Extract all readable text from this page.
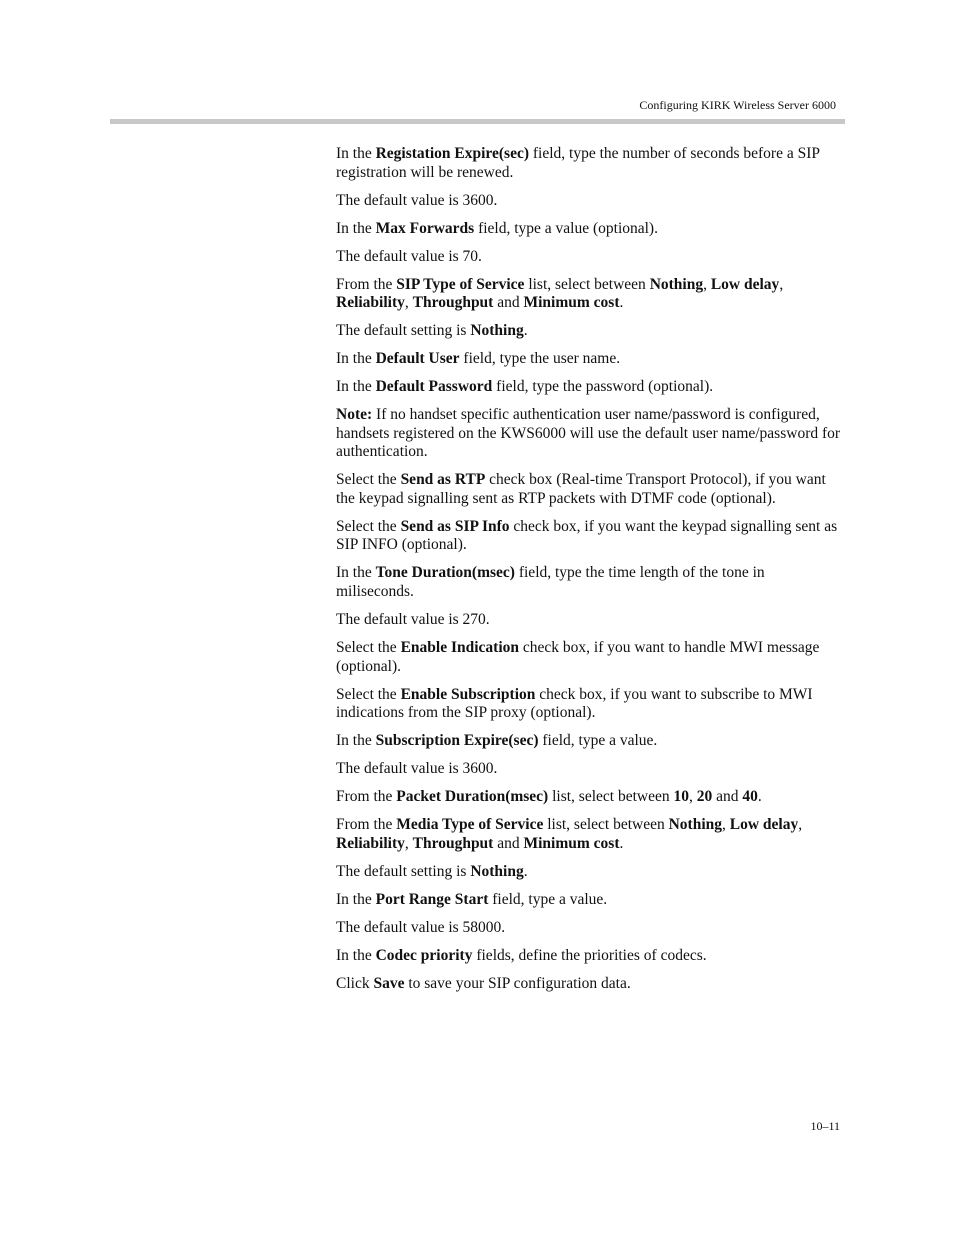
Configuring KIRK Wireless Server 6000

In the Registation Expire(sec) field, type the number of seconds before a SIP registration will be renewed.

The default value is 3600.

In the Max Forwards field, type a value (optional).

The default value is 70.

From the SIP Type of Service list, select between Nothing, Low delay, Reliability, Throughput and Minimum cost.

The default setting is Nothing.

In the Default User field, type the user name.

In the Default Password field, type the password (optional).

Note: If no handset specific authentication user name/password is configured, handsets registered on the KWS6000 will use the default user name/password for authentication.

Select the Send as RTP check box (Real-time Transport Protocol), if you want the keypad signalling sent as RTP packets with DTMF code (optional).

Select the Send as SIP Info check box, if you want the keypad signalling sent as SIP INFO (optional).

In the Tone Duration(msec) field, type the time length of the tone in miliseconds.

The default value is 270.

Select the Enable Indication check box, if you want to handle MWI message (optional).

Select the Enable Subscription check box, if you want to subscribe to MWI indications from the SIP proxy (optional).

In the Subscription Expire(sec) field, type a value.

The default value is 3600.

From the Packet Duration(msec) list, select between 10, 20 and 40.

From the Media Type of Service list, select between Nothing, Low delay, Reliability, Throughput and Minimum cost.

The default setting is Nothing.

In the Port Range Start field, type a value.

The default value is 58000.

In the Codec priority fields, define the priorities of codecs.

Click Save to save your SIP configuration data.

10–11
